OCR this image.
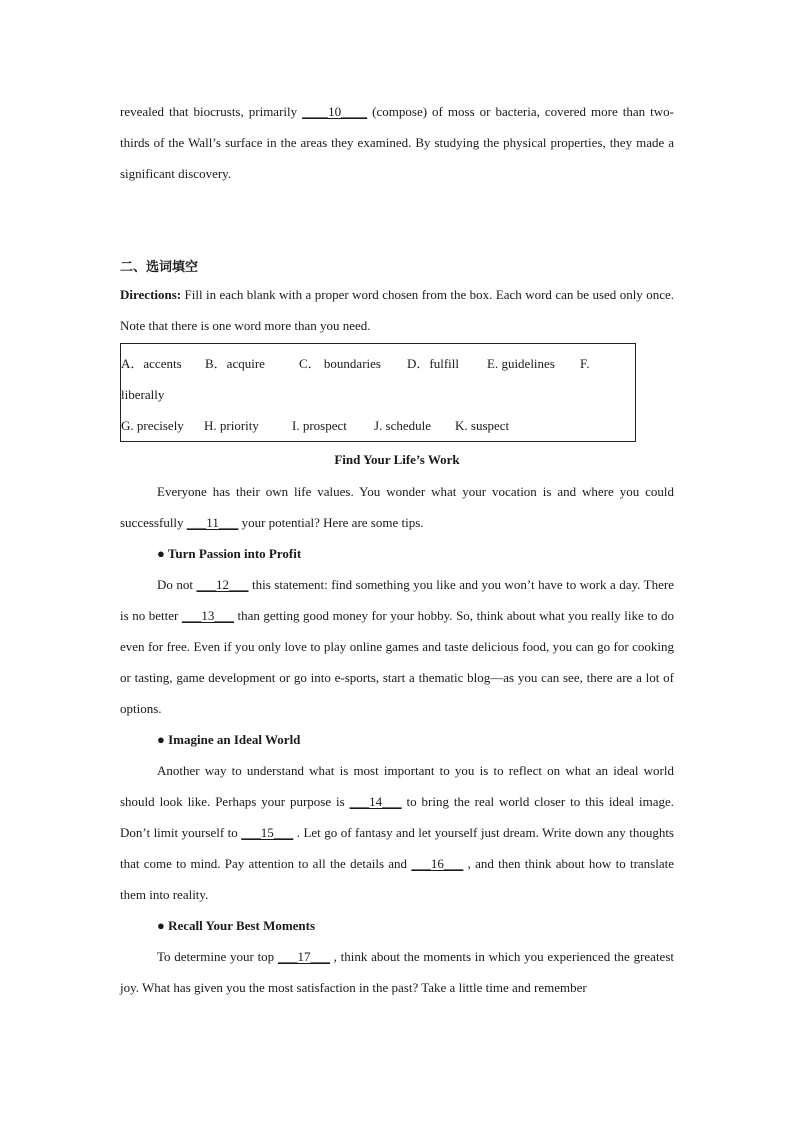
revealed that biocrusts, primarily ____10____ (compose) of moss or bacteria, covered more than two-thirds of the Wall’s surface in the areas they examined. By studying the physical properties, they made a significant discovery.

二、选词填空

Directions: Fill in each blank with a proper word chosen from the box. Each word can be used only once. Note that there is one word more than you need.

A．accents B．acquire	C． boundaries D．fulfill E. guidelines F.
liberally
G. precisely H. priority	I. prospect J. schedule K. suspect
Find Your Life’s Work

Everyone has their own life values. You wonder what your vocation is and where you could successfully ___11___ your potential? Here are some tips.

● Turn Passion into Profit

Do not ___12___ this statement: find something you like and you won’t have to work a day. There is no better ___13___ than getting good money for your hobby. So, think about what you really like to do even for free. Even if you only love to play online games and taste delicious food, you can go for cooking or tasting, game development or go into e-sports, start a thematic blog—as you can see, there are a lot of options.

● Imagine an Ideal World

Another way to understand what is most important to you is to reflect on what an ideal world should look like. Perhaps your purpose is ___14___ to bring the real world closer to this ideal image. Don’t limit yourself to ___15___ . Let go of fantasy and let yourself just dream. Write down any thoughts that come to mind. Pay attention to all the details and ___16___ , and then think about how to translate them into reality.

● Recall Your Best Moments

To determine your top ___17___ , think about the moments in which you experienced the greatest joy. What has given you the most satisfaction in the past? Take a little time and remember
